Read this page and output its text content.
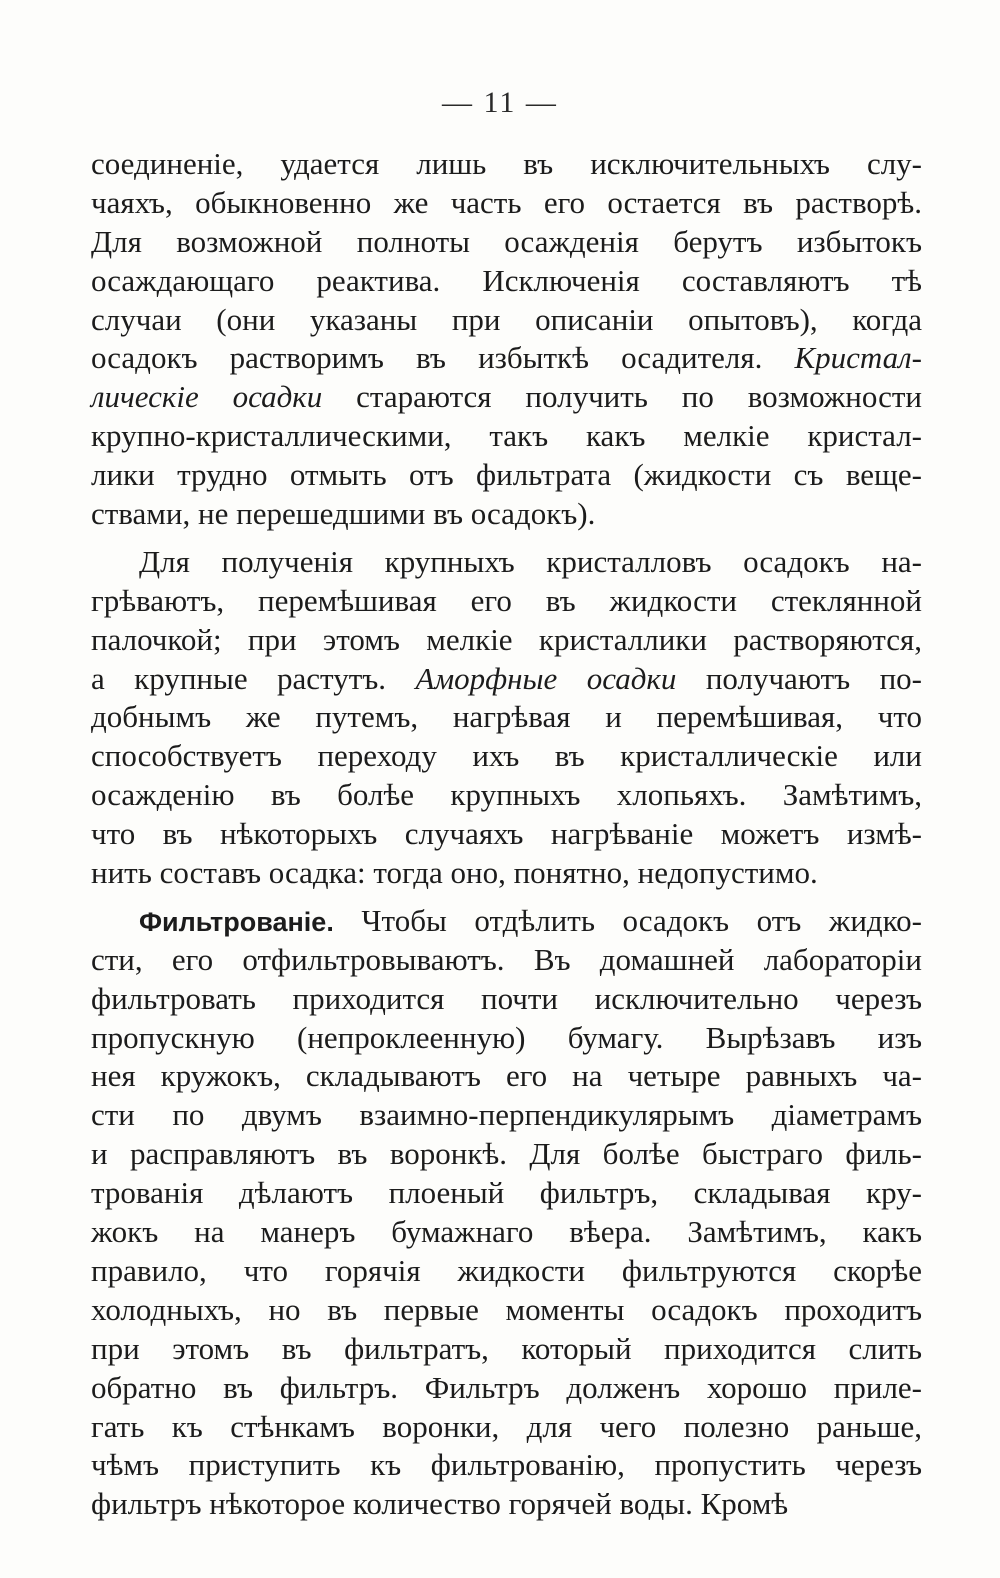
— 11 —
соединенiе, удается лишь въ исключительныхъ слу-
чаяхъ, обыкновенно же часть его остается въ растворѣ.
Для возможной полноты осажденiя берутъ избытокъ
осаждающаго реактива. Исключенiя составляютъ тѣ
случаи (они указаны при описанiи опытовъ), когда
осадокъ растворимъ въ избыткѣ осадителя. Кристал-
лическiе осадки стараются получить по возможности
крупно-кристаллическими, такъ какъ мелкiе кристал-
лики трудно отмыть отъ фильтрата (жидкости съ веще-
ствами, не перешедшими въ осадокъ).
Для полученiя крупныхъ кристалловъ осадокъ на-
грѣваютъ, перемѣшивая его въ жидкости стеклянной
палочкой; при этомъ мелкiе кристаллики растворяются,
а крупные растутъ. Аморфные осадки получаютъ по-
добнымъ же путемъ, нагрѣвая и перемѣшивая, что
способствуетъ переходу ихъ въ кристаллическiе или
осажденiю въ болѣе крупныхъ хлопьяхъ. Замѣтимъ,
что въ нѣкоторыхъ случаяхъ нагрѣванiе можетъ измѣ-
нить составъ осадка: тогда оно, понятно, недопустимо.
Фильтрованiе. Чтобы отдѣлить осадокъ отъ жидко-
сти, его отфильтровываютъ. Въ домашней лабораторiи
фильтровать приходится почти исключительно черезъ
пропускную (непроклеенную) бумагу. Вырѣзавъ изъ
нея кружокъ, складываютъ его на четыре равныхъ ча-
сти по двумъ взаимно-перпендикулярымъ дiаметрамъ
и расправляютъ въ воронкѣ. Для болѣе быстраго филь-
трованiя дѣлаютъ плоеный фильтръ, складывая кру-
жокъ на манеръ бумажнаго вѣера. Замѣтимъ, какъ
правило, что горячiя жидкости фильтруются скорѣе
холодныхъ, но въ первые моменты осадокъ проходитъ
при этомъ въ фильтратъ, который приходится слить
обратно въ фильтръ. Фильтръ долженъ хорошо приле-
гать къ стѣнкамъ воронки, для чего полезно раньше,
чѣмъ приступить къ фильтрованiю, пропустить черезъ
фильтръ нѣкоторое количество горячей воды. Кромѣ
